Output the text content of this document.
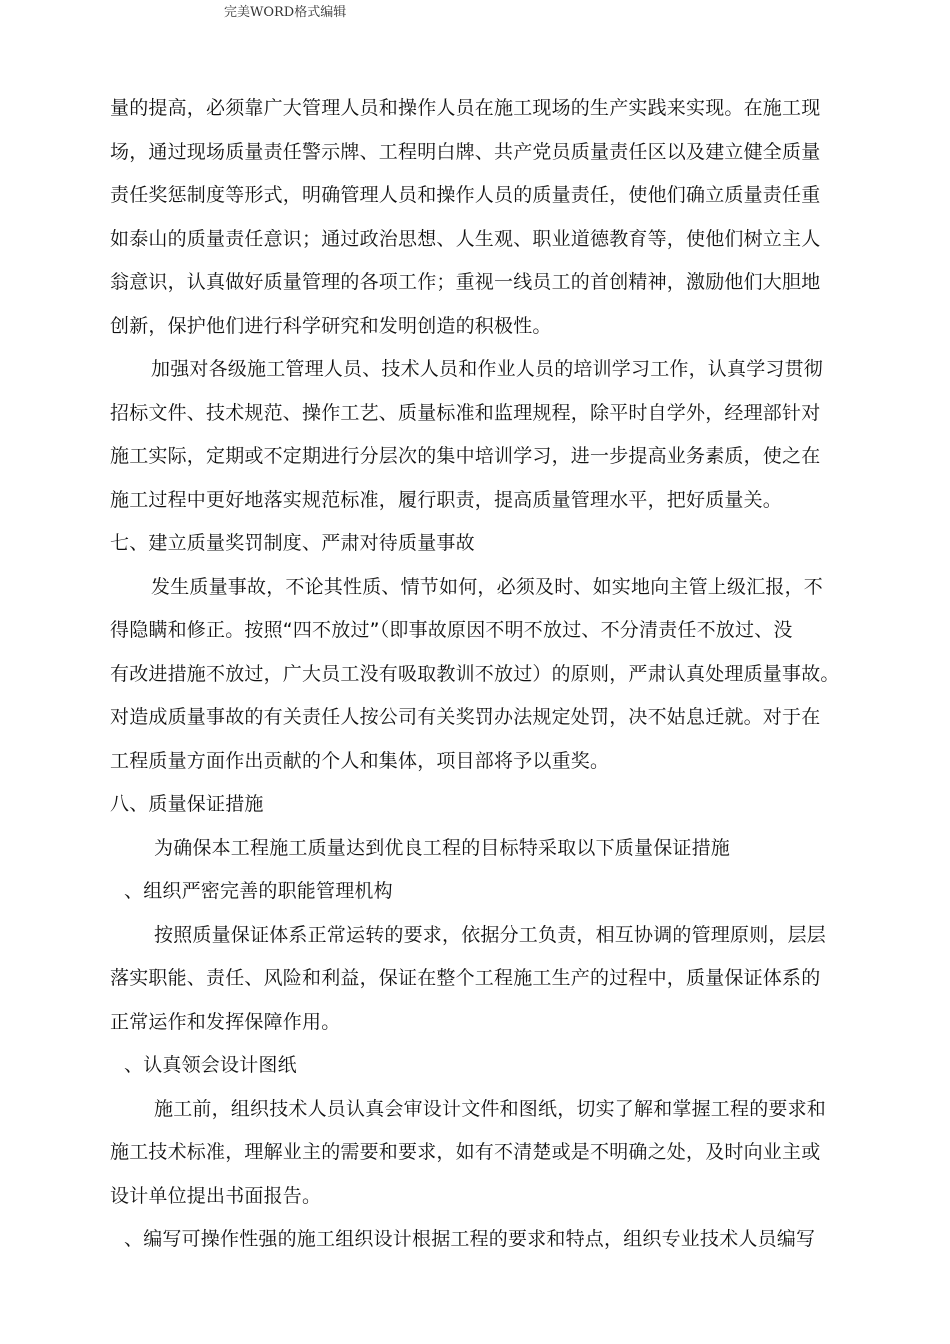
完美WORD格式编辑
量的提高，必须靠广大管理人员和操作人员在施工现场的生产实践来实现。在施工现
场，通过现场质量责任警示牌、工程明白牌、共产党员质量责任区以及建立健全质量
责任奖惩制度等形式，明确管理人员和操作人员的质量责任，使他们确立质量责任重
如泰山的质量责任意识；通过政治思想、人生观、职业道德教育等，使他们树立主人
翁意识，认真做好质量管理的各项工作；重视一线员工的首创精神，激励他们大胆地
创新，保护他们进行科学研究和发明创造的积极性。
加强对各级施工管理人员、技术人员和作业人员的培训学习工作，认真学习贯彻
招标文件、技术规范、操作工艺、质量标准和监理规程，除平时自学外，经理部针对
施工实际，定期或不定期进行分层次的集中培训学习，进一步提高业务素质，使之在
施工过程中更好地落实规范标准，履行职责，提高质量管理水平，把好质量关。
七、建立质量奖罚制度、严肃对待质量事故
发生质量事故，不论其性质、情节如何，必须及时、如实地向主管上级汇报，不
得隐瞒和修正。按照“四不放过”（即事故原因不明不放过、不分清责任不放过、没
有改进措施不放过，广大员工没有吸取教训不放过）的原则，严肃认真处理质量事故。
对造成质量事故的有关责任人按公司有关奖罚办法规定处罚，决不姑息迁就。对于在
工程质量方面作出贡献的个人和集体，项目部将予以重奖。
八、质量保证措施
为确保本工程施工质量达到优良工程的目标特采取以下质量保证措施
、组织严密完善的职能管理机构
按照质量保证体系正常运转的要求，依据分工负责，相互协调的管理原则，层层
落实职能、责任、风险和利益，保证在整个工程施工生产的过程中，质量保证体系的
正常运作和发挥保障作用。
、认真领会设计图纸
施工前，组织技术人员认真会审设计文件和图纸，切实了解和掌握工程的要求和
施工技术标准，理解业主的需要和要求，如有不清楚或是不明确之处，及时向业主或
设计单位提出书面报告。
、编写可操作性强的施工组织设计根据工程的要求和特点，组织专业技术人员编写
